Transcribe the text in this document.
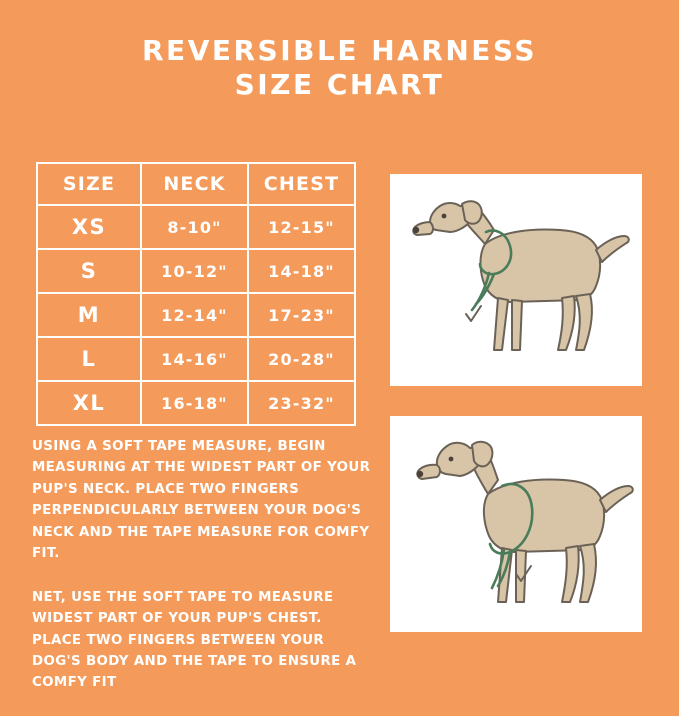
REVERSIBLE HARNESS
SIZE CHART
SIZE	NECK	CHEST
XS	8-10"	12-15"
S	10-12"	14-18"
M	12-14"	17-23"
L	14-16"	20-28"
XL	16-18"	23-32"

USING A SOFT TAPE MEASURE, BEGIN MEASURING AT THE WIDEST PART OF YOUR PUP'S NECK. PLACE TWO FINGERS PERPENDICULARLY BETWEEN YOUR DOG'S NECK AND THE TAPE MEASURE FOR COMFY FIT.

NET, USE THE SOFT TAPE TO MEASURE WIDEST PART OF YOUR PUP'S CHEST. PLACE TWO FINGERS BETWEEN YOUR DOG'S BODY AND THE TAPE TO ENSURE A COMFY FIT
